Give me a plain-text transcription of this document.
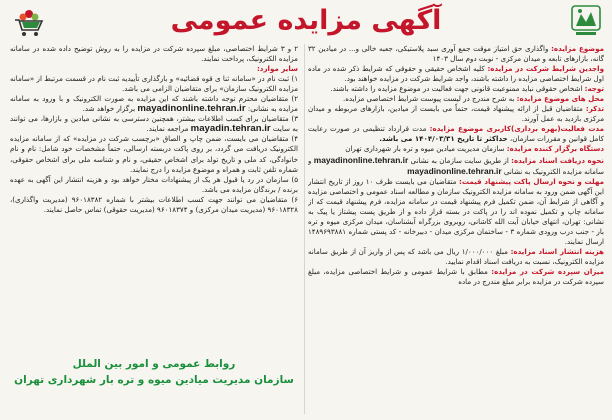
آگهی مزایده عمومی

موضوع مزایده: واگذاری حق امتیاز موقت جمع آوری سبد پلاستیکی، جعبه خالی و... در میادین ۳۲ گانه، بازارهای تابعه و میدان مرکزی - نوبت دوم سال ۱۴۰۳

واجدین شرایط شرکت در مزایده: کلیه اشخاص حقیقی و حقوقی که شرایط ذکر شده در ماده اول شرایط اختصاصی مزایده را داشته باشند، واجد شرایط شرکت در مزایده خواهند بود.

توجه: اشخاص حقوقی نباید ممنوعیت قانونی جهت فعالیت در موضوع مزایده را داشته باشند.

محل های موضوع مزایده: به شرح مندرج در لیست پیوست شرایط اختصاصی مزایده.

تذکر: متقاضیان قبل از ارائه پیشنهاد قیمت، حتماً می بایست از میادین، بازارهای مربوطه و میدان مرکزی بازدید به عمل آورند.

مدت فعالیت(بهره برداری)کاربری موضوع مزایده: مدت قرارداد تنظیمی در صورت رعایت کامل قوانین و مقررات سازمان، حداکثر تا تاریخ ۱۴۰۴/۰۳/۳۱ می باشد.

دستگاه برگزار کننده مزایده: سازمان مدیریت میادین میوه و تره بار شهرداری تهران

نحوه دریافت اسناد مزایده: از طریق سایت سازمان به نشانی mayadinonline.tehran.ir و سامانه مزایده الکترونیک به نشانی mayadinonline.tehran.ir

مهلت و نحوه ارسال پاکت پیشنهاد قیمت: متقاضیان می بایست ظرف ۱۰ روز از تاریخ انتشار این آگهی ضمن ورود به سامانه مزایده الکترونیک سازمان و مطالعه اسناد عمومی و اختصاصی مزایده و آگاهی از شرایط آن، ضمن تکمیل فرم پیشنهاد قیمت در سامانه مزایده، فرم پیشنهاد قیمت که از سامانه چاپ و تکمیل نموده اند را در پاکت در بسته قرار داده و از طریق پست پیشتاز یا پیک به نشانی: تهران، انتهای خیابان آیت الله کاشانی، روبروی بزرگراه آبشناسان، میدان مرکزی میوه و تره بار - جنب درب ورودی شماره ۳ - ساختمان مرکزی میدان - دبیرخانه - کد پستی شماره ۱۴۸۹۶۹۳۸۸۱ ارسال نمایند.

هزینه انتشار اسناد مزایده: مبلغ ۱/۰۰۰/۰۰۰ ریال می باشد که پس از واریز آن از طریق سامانه مزایده الکترونیک، نسبت به دریافت اسناد اقدام نمایید.

میزان سپرده شرکت در مزایده: مطابق با شرایط عمومی و شرایط اختصاصی مزایده، مبلغ سپرده شرکت در مزایده برابر مبلغ مندرج در ماده

۲ و ۳ شرایط اختصاصی، مبلغ سپرده شرکت در مزایده را به روش توضیح داده شده در سامانه مزایده الکترونیک، پرداخت نمایند.

سایر موارد:

۱) ثبت نام در «سامانه ثنا ی قوه قضائیه» و بارگذاری تأییدیه ثبت نام در قسمت مرتبط از «سامانه مزایده الکترونیک سازمان» برای متقاضیان الزامی می باشد.

۲) متقاضیان محترم توجه داشته باشند که این مزایده به صورت الکترونیک و با ورود به سامانه مزایده به نشانی: mayadinonline.tehran.ir برگزار خواهد شد.

۳) متقاضیان برای کسب اطلاعات بیشتر، همچنین دسترسی به نشانی میادین و بازارها، می توانند به سایت mayadin.tehran.ir مراجعه نمایند.

۴) متقاضیان می بایست، ضمن چاپ و الصاق «برچسب شرکت در مزایده» که از سامانه مزایده الکترونیک دریافت می گردد، بر روی پاکت دربسته ارسالی، حتماً مشخصات خود شامل: نام و نام خانوادگی، کد ملی و تاریخ تولد برای اشخاص حقیقی، و نام و شناسه ملی برای اشخاص حقوقی، شماره تلفن ثابت و همراه و موضوع مزایده را درج نمایند.

۵) سازمان در رد یا قبول هر یک از پیشنهادات مختار خواهد بود و هزینه انتشار این آگهی به عهده برنده / برندگان مزایده می باشد.

۶) متقاضیان می توانند جهت کسب اطلاعات بیشتر با شماره ۹۶۰۱۸۳۸۲ (مدیریت واگذاری)، ۹۶۰۱۸۳۲۸ (مدیریت میدان مرکزی) و ۹۶۰۱۸۳۷۴ (مدیریت حقوقی) تماس حاصل نمایند.

روابط عمومی و امور بین الملل
سازمان مدیریت میادین میوه و تره بار شهرداری تهران
